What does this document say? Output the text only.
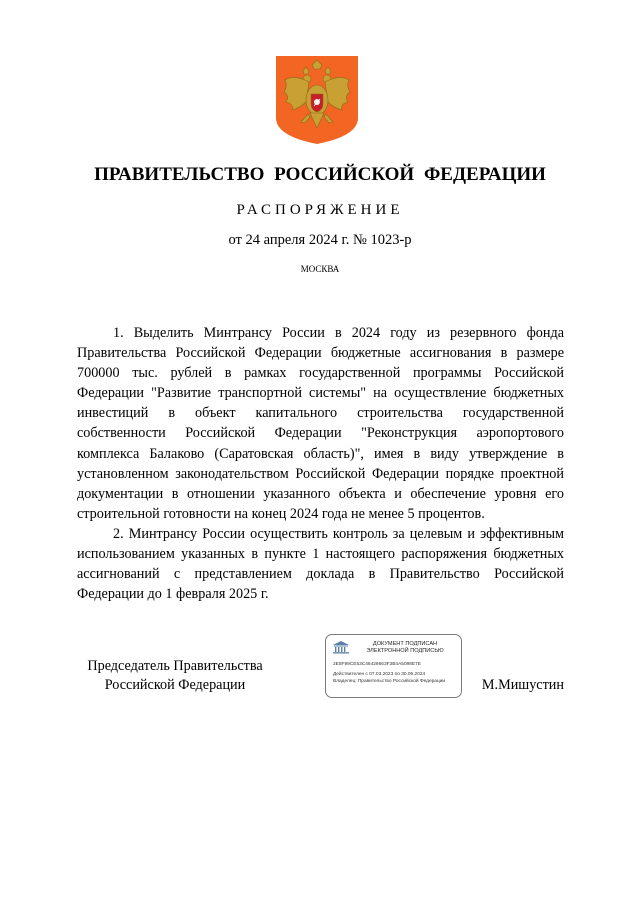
ПРАВИТЕЛЬСТВО РОССИЙСКОЙ ФЕДЕРАЦИИ
РАСПОРЯЖЕНИЕ
от 24 апреля 2024 г. № 1023-р
МОСКВА

1. Выделить Минтрансу России в 2024 году из резервного фонда Правительства Российской Федерации бюджетные ассигнования в размере 700000 тыс. рублей в рамках государственной программы Российской Федерации "Развитие транспортной системы" на осуществление бюджетных инвестиций в объект капитального строительства государственной собственности Российской Федерации "Реконструкция аэропортового комплекса Балаково (Саратовская область)", имея в виду утверждение в установленном законодательством Российской Федерации порядке проектной документации в отношении указанного объекта и обеспечение уровня его строительной готовности на конец 2024 года не менее 5 процентов.

2. Минтрансу России осуществить контроль за целевым и эффективным использованием указанных в пункте 1 настоящего распоряжения бюджетных ассигнований с представлением доклада в Правительство Российской Федерации до 1 февраля 2025 г.

Председатель Правительства
Российской Федерации
ДОКУМЕНТ ПОДПИСАН
ЭЛЕКТРОННОЙ ПОДПИСЬЮ
2E5F99CE53C46428663F3B4A5098E7E
Действителен с 07.03.2023 по 30.05.2024
Владелец: Правительство Российской Федерации	М.Мишустин
